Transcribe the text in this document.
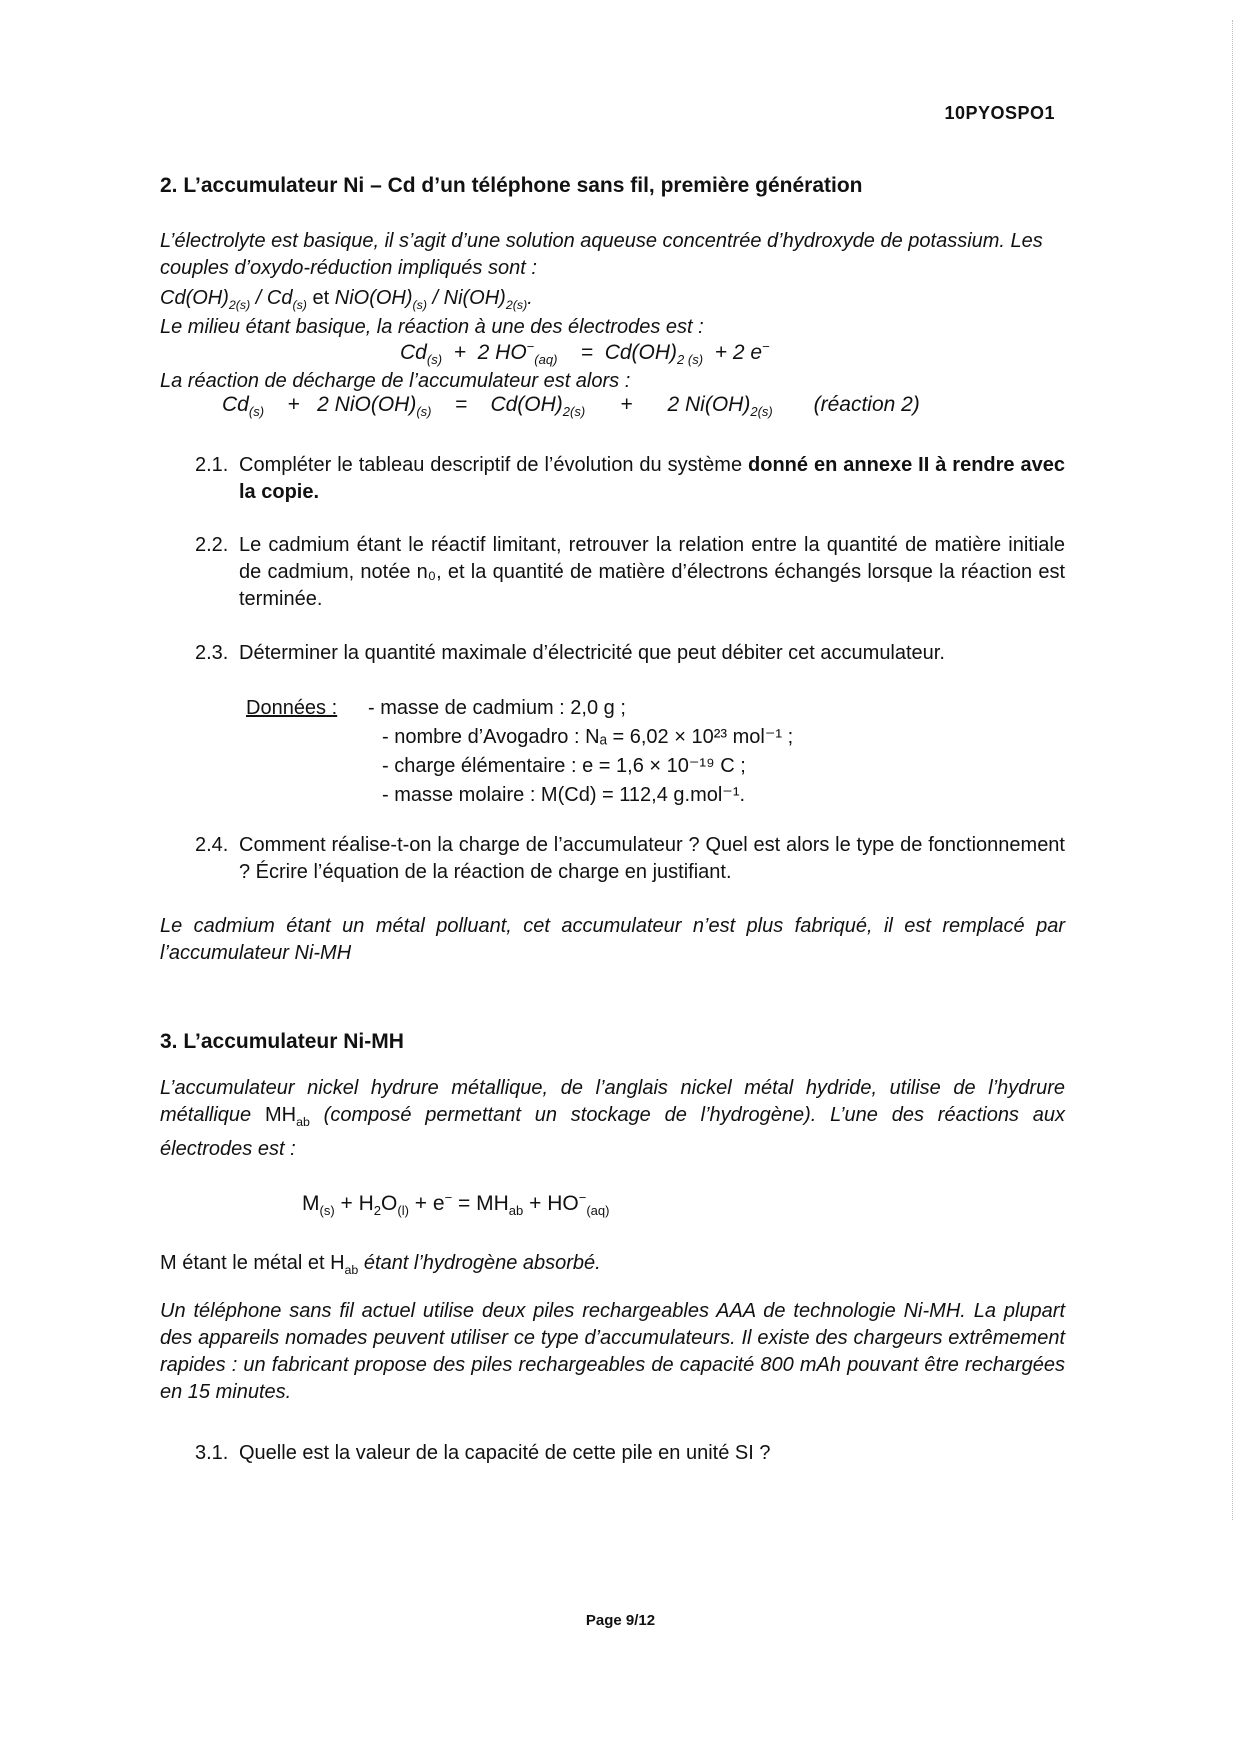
10PYOSPO1
2. L’accumulateur Ni – Cd d’un téléphone sans fil, première génération
L’électrolyte est basique, il s’agit d’une solution aqueuse concentrée d’hydroxyde de potassium. Les couples d’oxydo-réduction impliqués sont :
$Cd(OH)_{2(s)} / Cd_{(s)}$ et $NiO(OH)_{(s)} / Ni(OH)_{2(s)}$.
Le milieu étant basique, la réaction à une des électrodes est :
$Cd_{(s)} + 2$ $HO^-_{(aq)}$    =  $Cd(OH)_{2 (s)} + 2$ e−
La réaction de décharge de l’accumulateur est alors :
$Cd_{(s)}$    +   2 $NiO(OH)_{(s)}$    =    $Cd(OH)_{2(s)}$      +      2 $Ni(OH)_{2(s)}$ (réaction 2)
2.1. Compléter le tableau descriptif de l’évolution du système donné en annexe II à rendre avec la copie.
2.2. Le cadmium étant le réactif limitant, retrouver la relation entre la quantité de matière initiale de cadmium, notée n₀, et la quantité de matière d’électrons échangés lorsque la réaction est terminée.
2.3. Déterminer la quantité maximale d’électricité que peut débiter cet accumulateur.
Données : - masse de cadmium : 2,0 g ;
- nombre d’Avogadro : Nₐ = 6,02 × 10²³ mol⁻¹ ;
- charge élémentaire : e = 1,6 × 10⁻¹⁹ C ;
- masse molaire : M(Cd) = 112,4 g.mol⁻¹.
2.4. Comment réalise-t-on la charge de l’accumulateur ? Quel est alors le type de fonctionnement ? Écrire l’équation de la réaction de charge en justifiant.
Le cadmium étant un métal polluant, cet accumulateur n’est plus fabriqué, il est remplacé par l’accumulateur Ni-MH
3. L’accumulateur Ni-MH
L’accumulateur nickel hydrure métallique, de l’anglais nickel métal hydride, utilise de l’hydrure métallique $MH_{ab}$ (composé permettant un stockage de l’hydrogène). L’une des réactions aux électrodes est :
$M_{(s)} + H_2O_{(l)} + e^- = MH_{ab} + HO^-_{(aq)}$
M étant le métal et $H_{ab}$ étant l’hydrogène absorbé.
Un téléphone sans fil actuel utilise deux piles rechargeables AAA de technologie Ni-MH. La plupart des appareils nomades peuvent utiliser ce type d’accumulateurs. Il existe des chargeurs extrêmement rapides : un fabricant propose des piles rechargeables de capacité 800 mAh pouvant être rechargées en 15 minutes.
3.1. Quelle est la valeur de la capacité de cette pile en unité SI ?
Page 9/12
